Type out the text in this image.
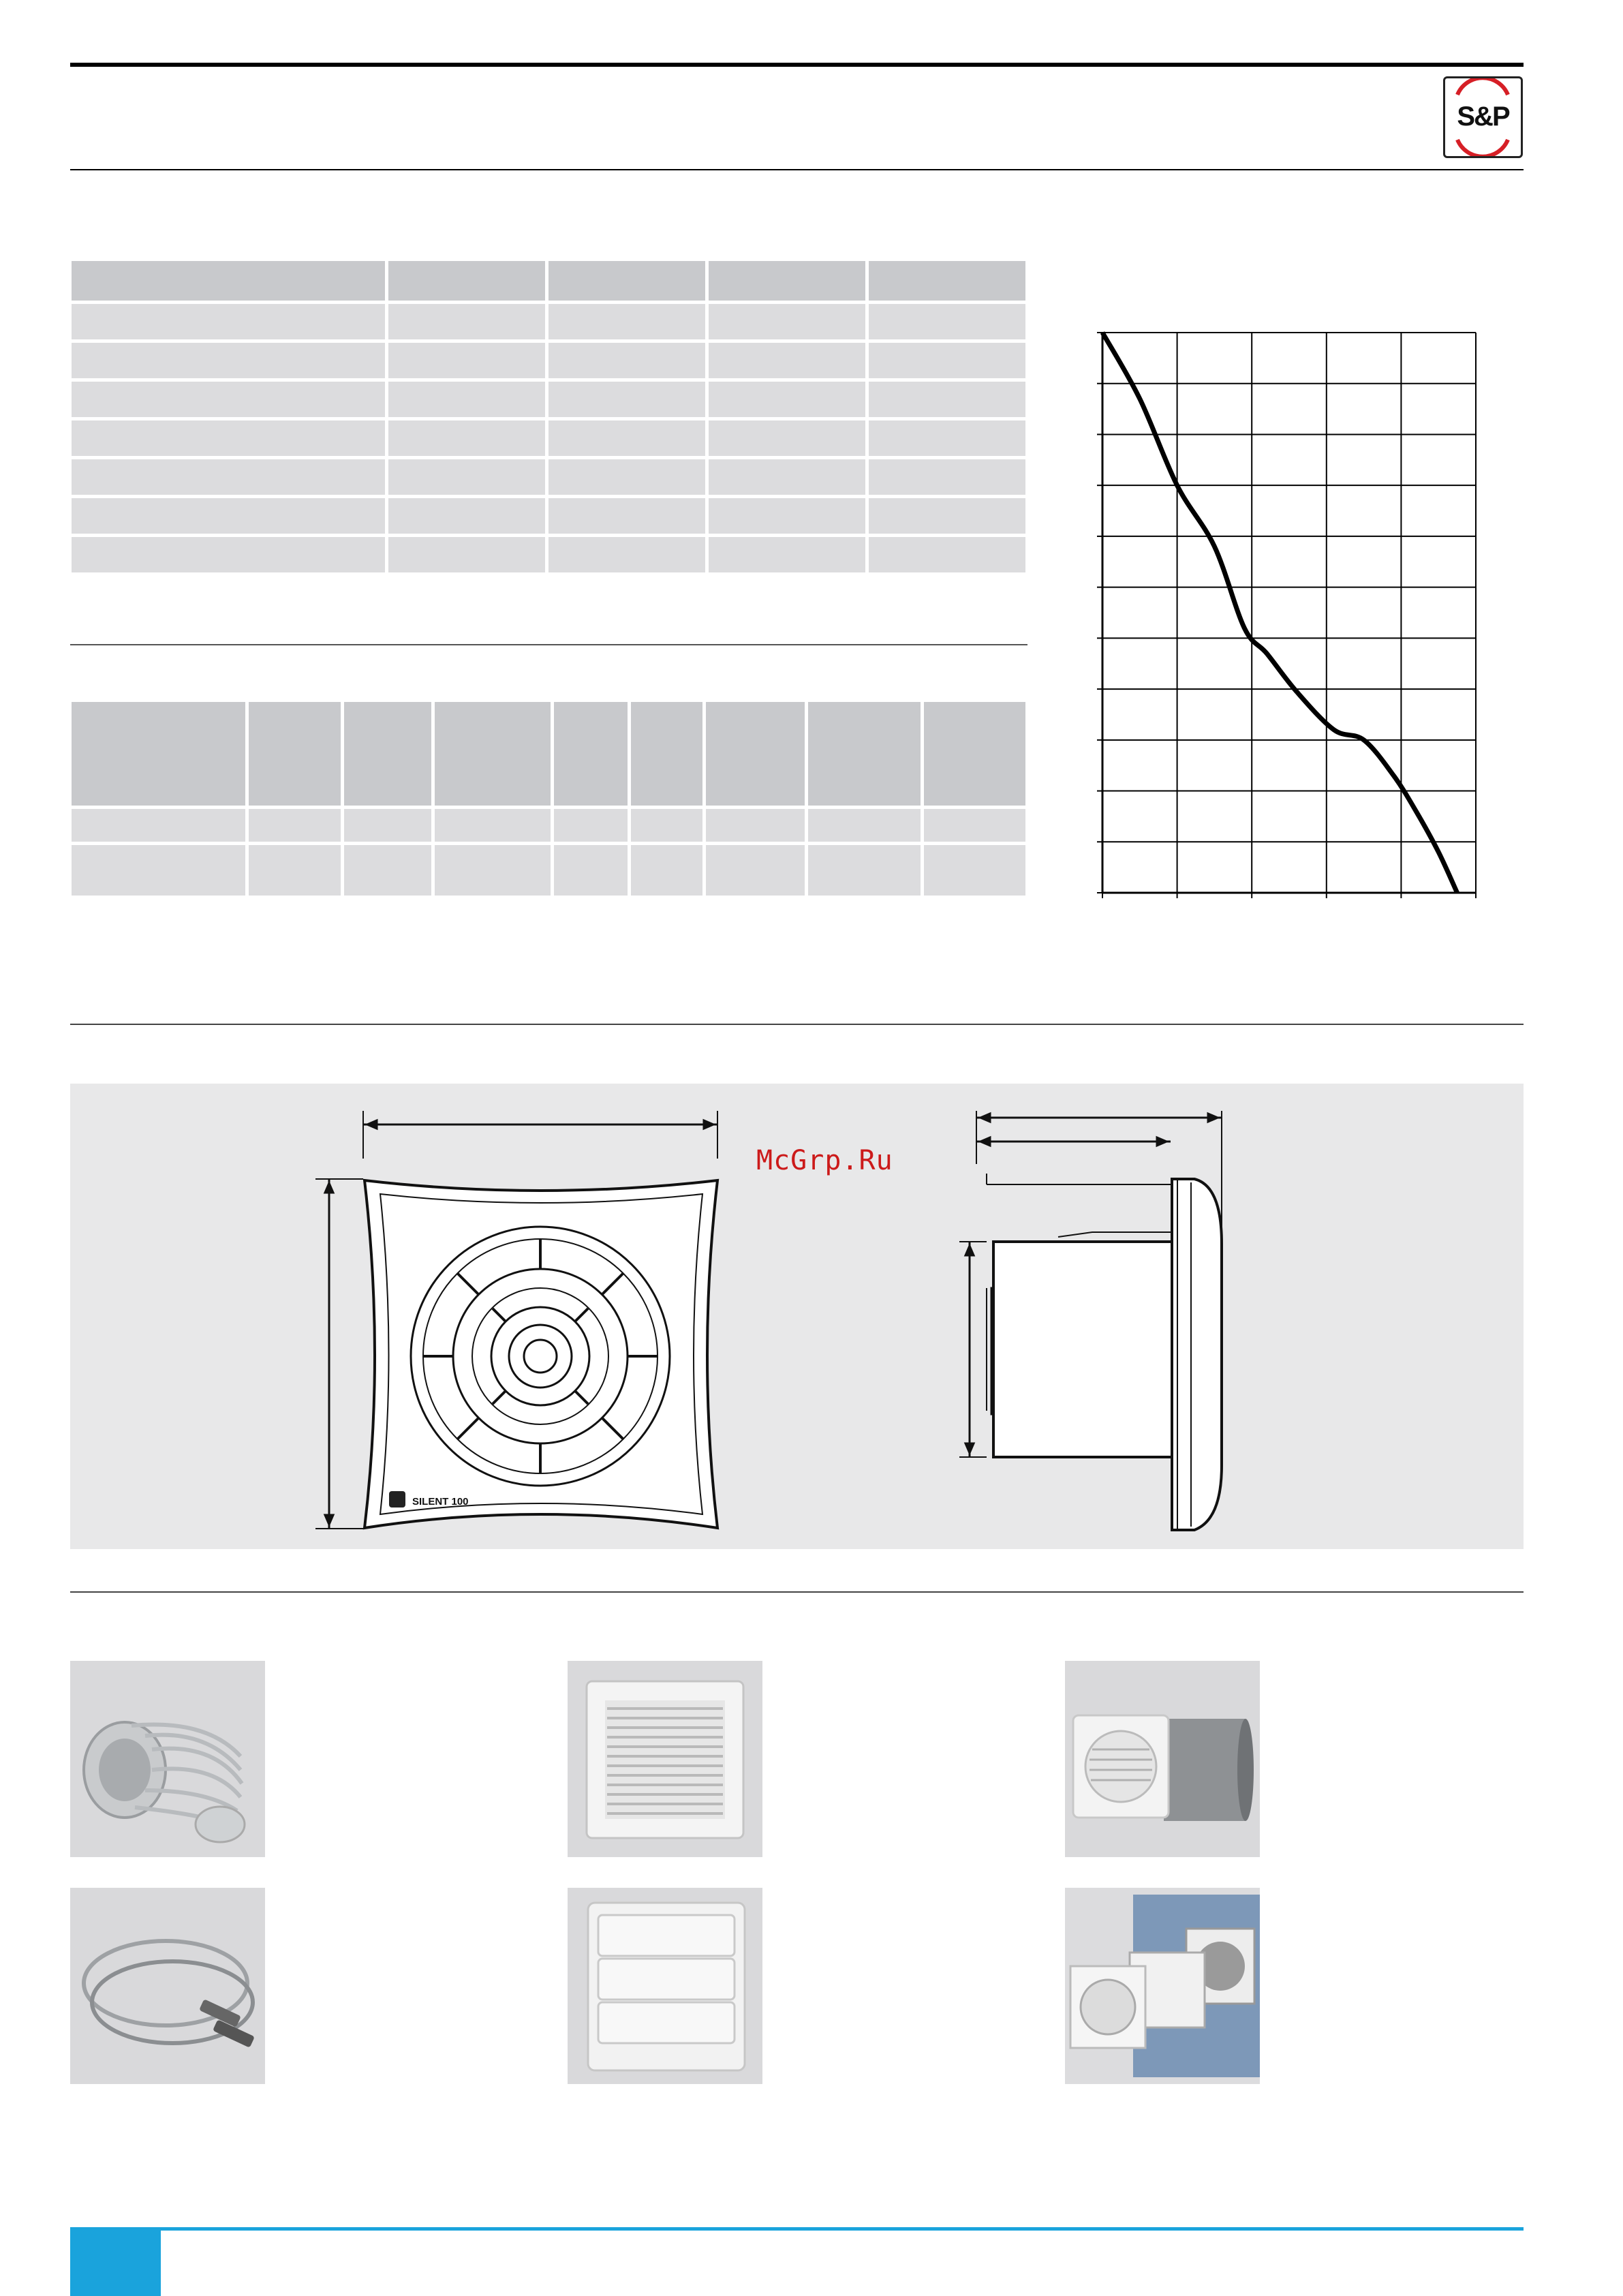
S&P

SILENT 100
McGrp.Ru
